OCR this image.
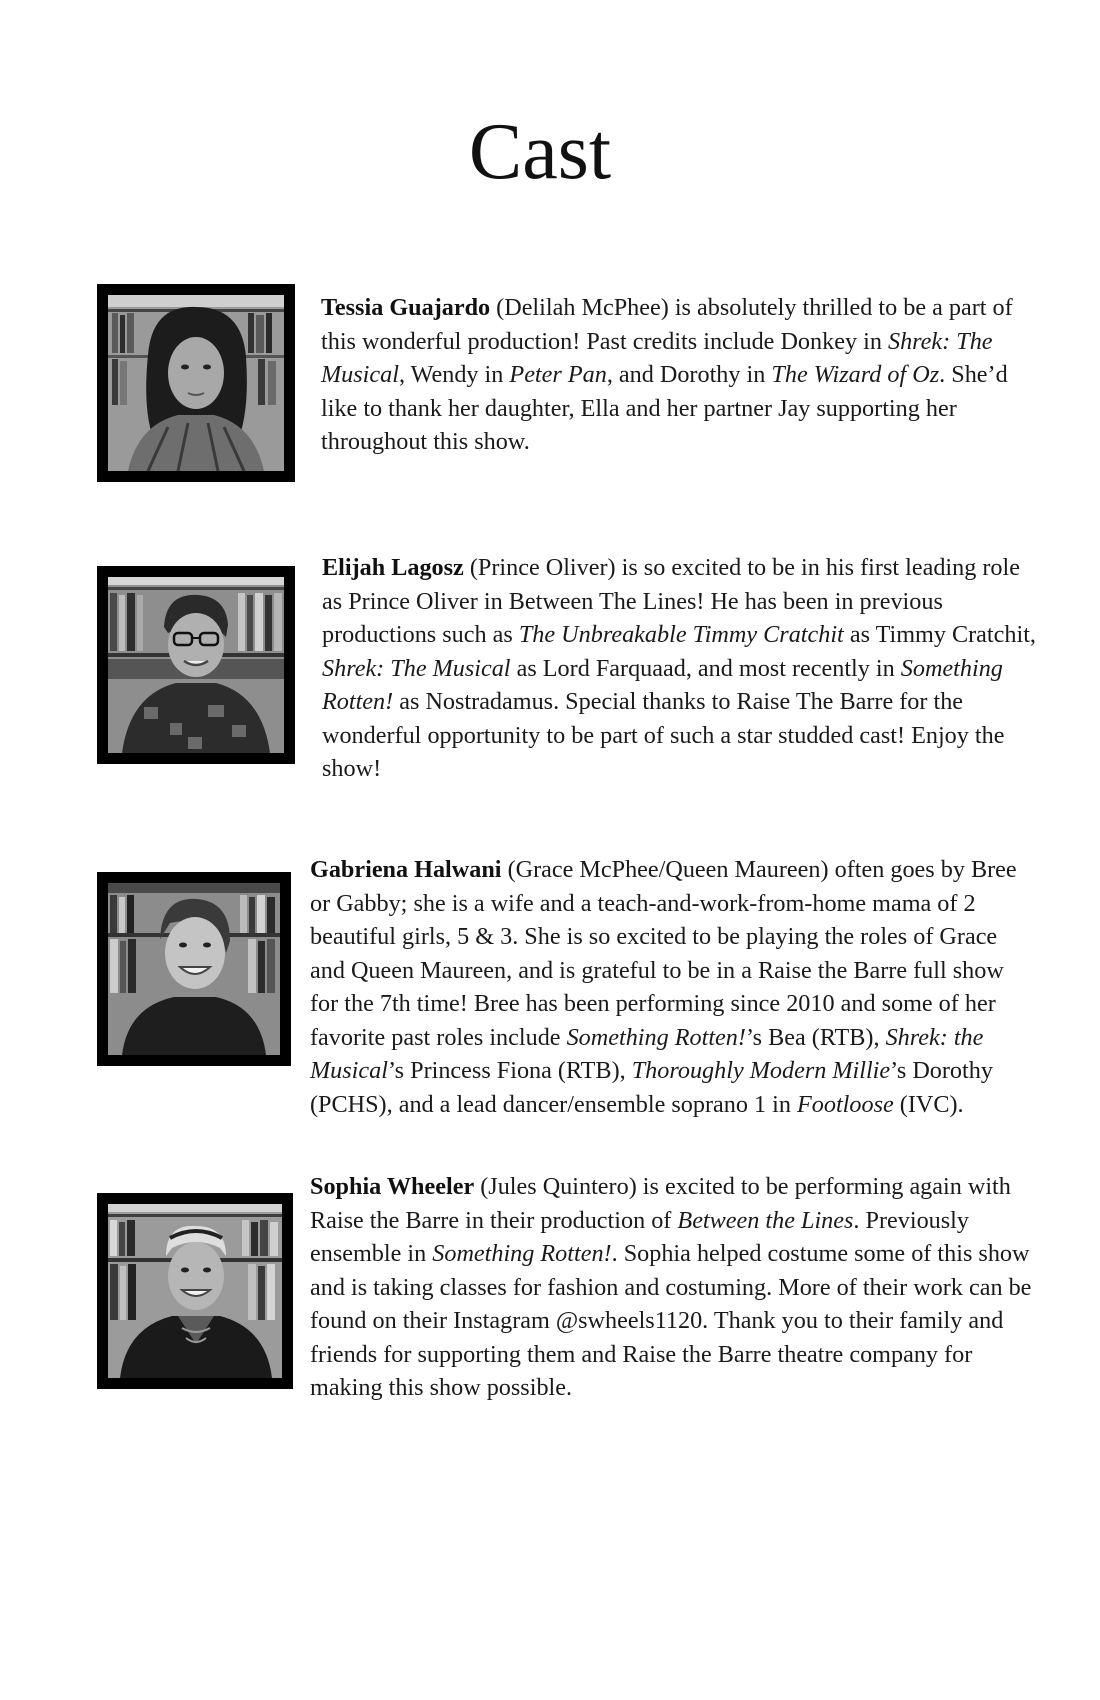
Cast

Tessia Guajardo (Delilah McPhee) is absolutely thrilled to be a part of this wonderful production! Past credits include Donkey in Shrek: The Musical, Wendy in Peter Pan, and Dorothy in The Wizard of Oz. She’d like to thank her daughter, Ella and her partner Jay supporting her throughout this show.

Elijah Lagosz (Prince Oliver) is so excited to be in his first leading role as Prince Oliver in Between The Lines! He has been in previous productions such as The Unbreakable Timmy Cratchit as Timmy Cratchit, Shrek: The Musical as Lord Farquaad, and most recently in Something Rotten! as Nostradamus. Special thanks to Raise The Barre for the wonderful opportunity to be part of such a star studded cast! Enjoy the show!

Gabriena Halwani (Grace McPhee/Queen Maureen) often goes by Bree or Gabby; she is a wife and a teach-and-work-from-home mama of 2 beautiful girls, 5 & 3. She is so excited to be playing the roles of Grace and Queen Maureen, and is grateful to be in a Raise the Barre full show for the 7th time! Bree has been performing since 2010 and some of her favorite past roles include Something Rotten!’s Bea (RTB), Shrek: the Musical’s Princess Fiona (RTB), Thoroughly Modern Millie’s Dorothy (PCHS), and a lead dancer/ensemble soprano 1 in Footloose (IVC).

Sophia Wheeler (Jules Quintero) is excited to be performing again with Raise the Barre in their production of Between the Lines. Previously ensemble in Something Rotten!. Sophia helped costume some of this show and is taking classes for fashion and costuming. More of their work can be found on their Instagram @swheels1120. Thank you to their family and friends for supporting them and Raise the Barre theatre company for making this show possible.
